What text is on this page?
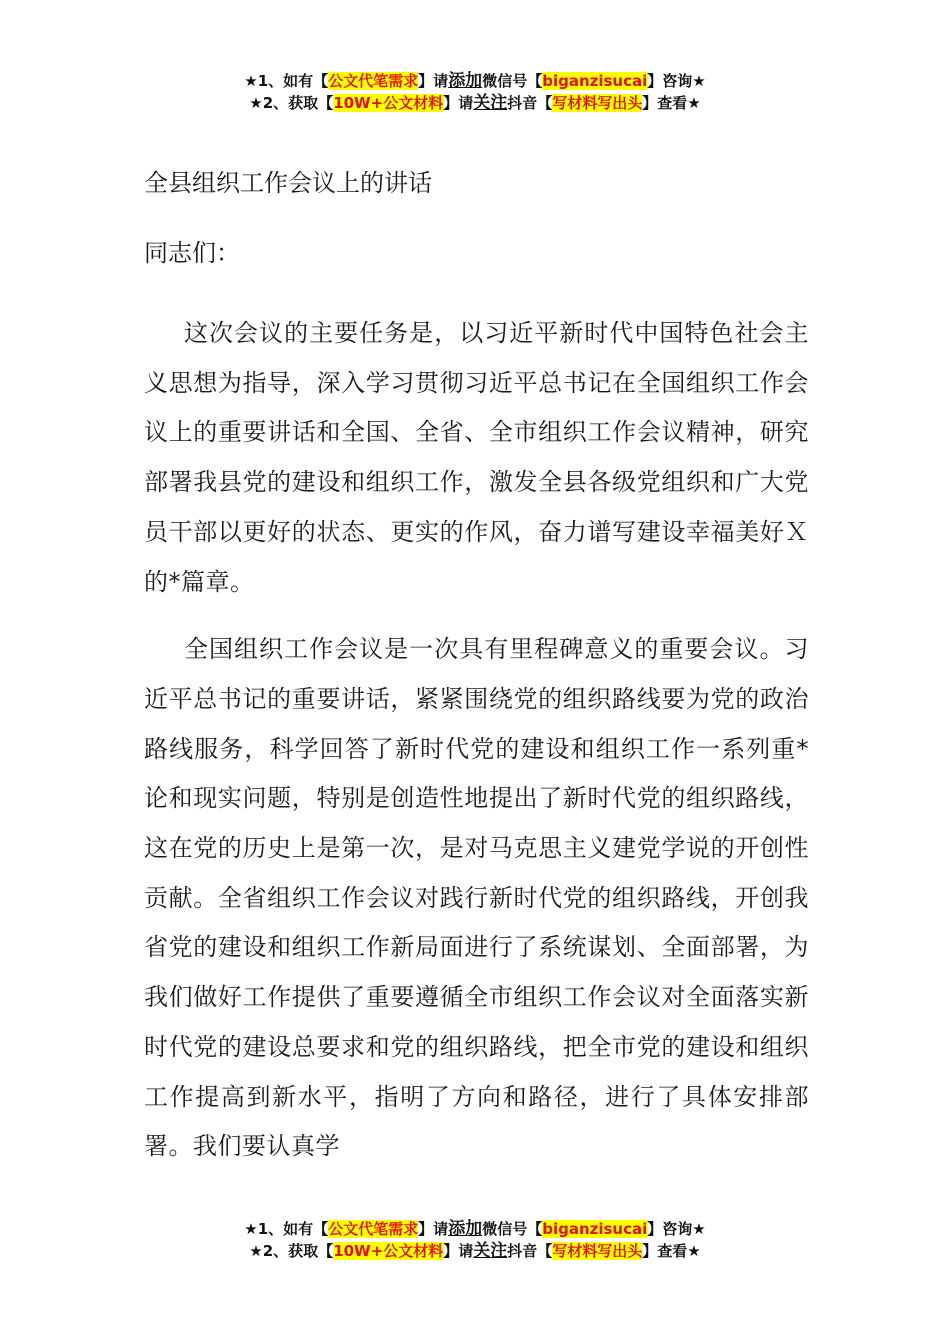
★1、如有【公文代笔需求】请添加微信号【biganzisucai】咨询★
★2、获取【10W+公文材料】请关注抖音【写材料写出头】查看★

全县组织工作会议上的讲话

同志们：

这次会议的主要任务是，以习近平新时代中国特色社会主义思想为指导，深入学习贯彻习近平总书记在全国组织工作会议上的重要讲话和全国、全省、全市组织工作会议精神，研究部署我县党的建设和组织工作，激发全县各级党组织和广大党员干部以更好的状态、更实的作风，奋力谱写建设幸福美好Ｘ的*篇章。

全国组织工作会议是一次具有里程碑意义的重要会议。习近平总书记的重要讲话，紧紧围绕党的组织路线要为党的政治路线服务，科学回答了新时代党的建设和组织工作一系列重*论和现实问题，特别是创造性地提出了新时代党的组织路线，这在党的历史上是第一次，是对马克思主义建党学说的开创性贡献。全省组织工作会议对践行新时代党的组织路线，开创我省党的建设和组织工作新局面进行了系统谋划、全面部署，为我们做好工作提供了重要遵循全市组织工作会议对全面落实新时代党的建设总要求和党的组织路线，把全市党的建设和组织工作提高到新水平，指明了方向和路径，进行了具体安排部署。我们要认真学

★1、如有【公文代笔需求】请添加微信号【biganzisucai】咨询★
★2、获取【10W+公文材料】请关注抖音【写材料写出头】查看★
